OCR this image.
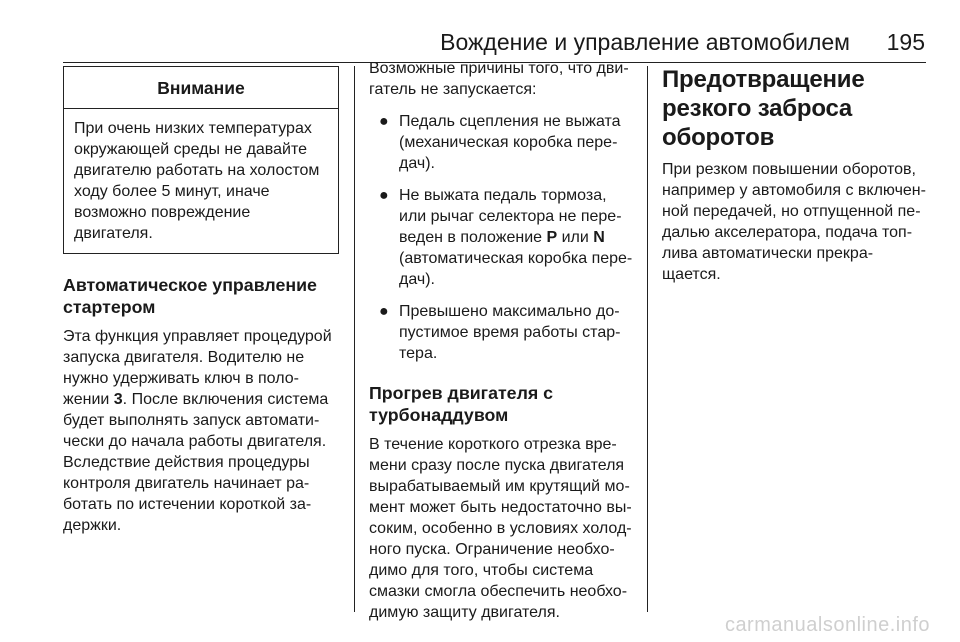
Вождение и управление автомобилем	195
Внимание
При очень низких температурах окружающей среды не давайте двигателю работать на холостом ходу более 5 минут, иначе возможно повреждение двигателя.
Автоматическое управление стартером

Эта функция управляет процедурой запуска двигателя. Водителю не нужно удерживать ключ в положении 3. После включения система будет выполнять запуск автоматически до начала работы двигателя. Вследствие действия процедуры контроля двигатель начинает работать по истечении короткой задержки.

Возможные причины того, что двигатель не запускается:

● Педаль сцепления не выжата (механическая коробка передач).
● Не выжата педаль тормоза, или рычаг селектора не переведен в положение P или N (автоматическая коробка передач).
● Превышено максимально допустимое время работы стартера.
Прогрев двигателя с турбонаддувом

В течение короткого отрезка времени сразу после пуска двигателя вырабатываемый им крутящий момент может быть недостаточно высоким, особенно в условиях холодного пуска. Ограничение необходимо для того, чтобы система смазки смогла обеспечить необходимую защиту двигателя.

Предотвращение резкого заброса оборотов

При резком повышении оборотов, например у автомобиля с включенной передачей, но отпущенной педалью акселератора, подача топлива автоматически прекращается.

carmanualsonline.info
